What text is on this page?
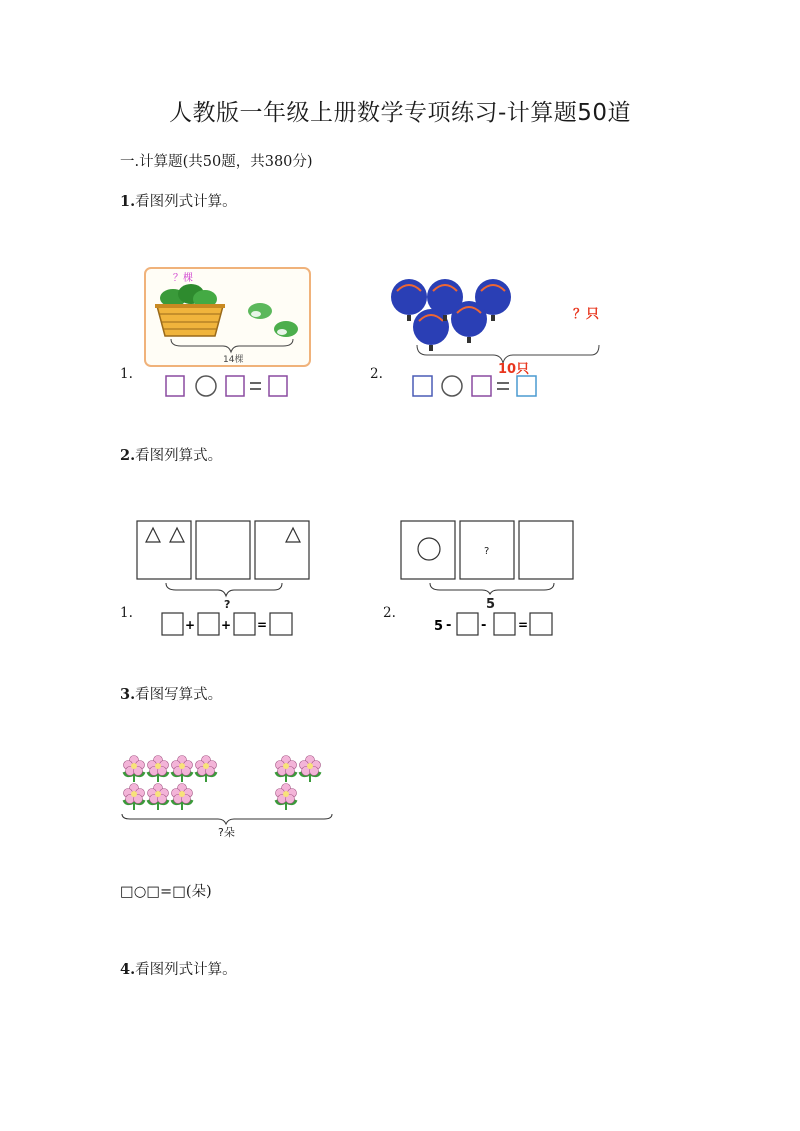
人教版一年级上册数学专项练习-计算题50道
一.计算题(共50题，共380分)
1.看图列式计算。
1.
？棵
14棵
2.
？只
10只
2.看图列算式。
1.
?
+ + =
2.
?
5
5 - -	=
3.看图写算式。
?朵
□○□=□(朵)
4.看图列式计算。
